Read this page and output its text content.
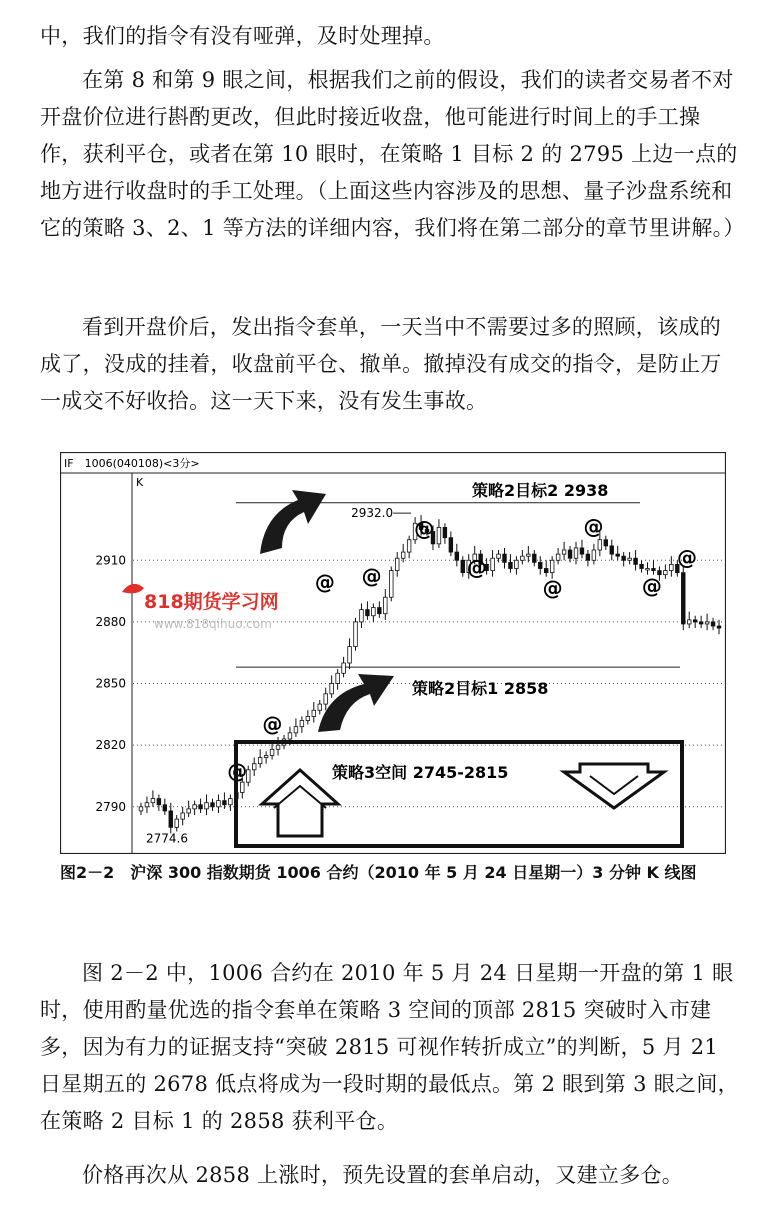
中，我们的指令有没有哑弹，及时处理掉。

在第 8 和第 9 眼之间，根据我们之前的假设，我们的读者交易者不对开盘价位进行斟酌更改，但此时接近收盘，他可能进行时间上的手工操作，获利平仓，或者在第 10 眼时，在策略 1 目标 2 的 2795 上边一点的地方进行收盘时的手工处理。（上面这些内容涉及的思想、量子沙盘系统和它的策略 3、2、1 等方法的详细内容，我们将在第二部分的章节里讲解。）

看到开盘价后，发出指令套单，一天当中不需要过多的照顾，该成的成了，没成的挂着，收盘前平仓、撤单。撤掉没有成交的指令，是防止万一成交不好收拾。这一天下来，没有发生事故。

IF　1006(040108)<3分>
K
2910
2880
2850
2820
2790
818期货学习网
www.818qihuo.com
@
@
@ @
@
@
@
@
@
@
2932.0
2774.6
策略2目标2 2938
策略2目标1 2858
策略3空间 2745-2815
图2－2　沪深 300 指数期货 1006 合约（2010 年 5 月 24 日星期一）3 分钟 K 线图

图 2－2 中，1006 合约在 2010 年 5 月 24 日星期一开盘的第 1 眼时，使用酌量优选的指令套单在策略 3 空间的顶部 2815 突破时入市建多，因为有力的证据支持“突破 2815 可视作转折成立”的判断，5 月 21 日星期五的 2678 低点将成为一段时期的最低点。第 2 眼到第 3 眼之间，在策略 2 目标 1 的 2858 获利平仓。

价格再次从 2858 上涨时，预先设置的套单启动，又建立多仓。
